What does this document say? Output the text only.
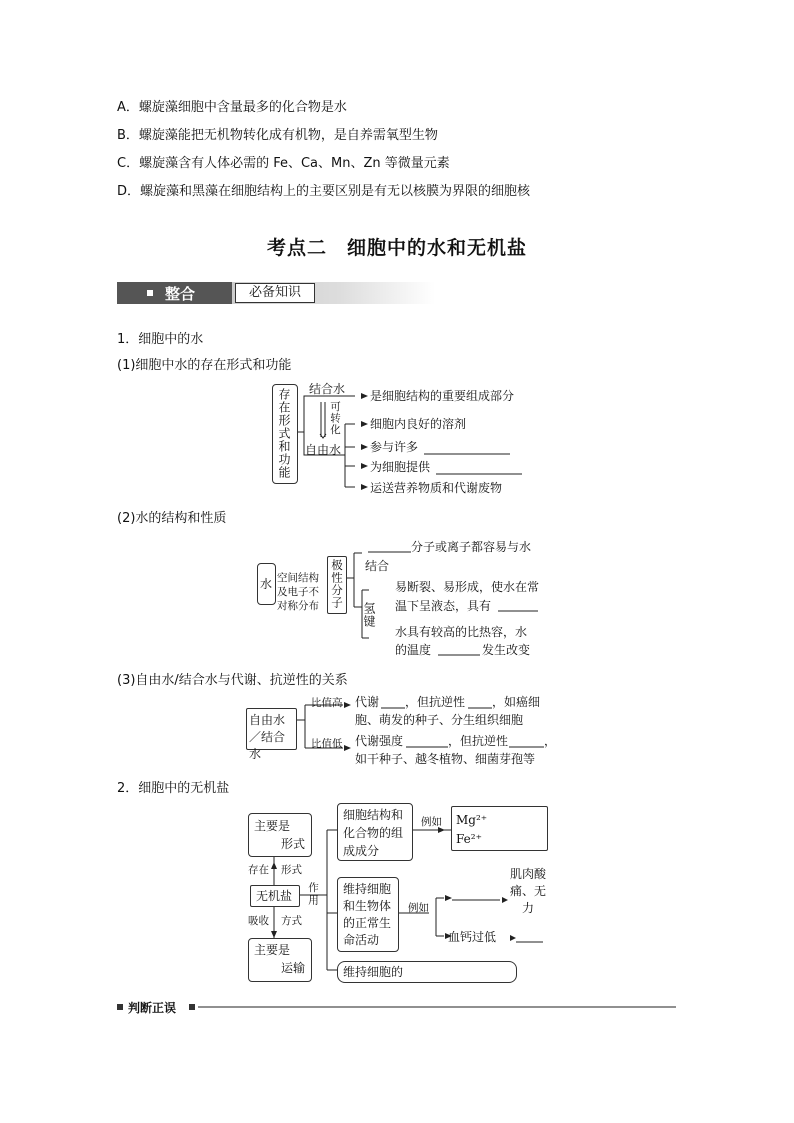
A．螺旋藻细胞中含量最多的化合物是水
B．螺旋藻能把无机物转化成有机物，是自养需氧型生物
C．螺旋藻含有人体必需的 Fe、Ca、Mn、Zn 等微量元素
D．螺旋藻和黑藻在细胞结构上的主要区别是有无以核膜为界限的细胞核
考点二　细胞中的水和无机盐
整合	必备知识
1．细胞中的水
(1)细胞中水的存在形式和功能
存在形式和功能 结合水
自由水
可转化
是细胞结构的重要组成部分
细胞内良好的溶剂
参与许多
为细胞提供
运送营养物质和代谢废物
(2)水的结构和性质
水 空间结构及电子不对称分布 极性分子
分子或离子都容易与水
结合
氢键
易断裂、易形成，使水在常
温下呈液态，具有
水具有较高的比热容，水
的温度	发生改变
(3)自由水/结合水与代谢、抗逆性的关系
自由水／结合水
比值高
比值低
代谢 ，但抗逆性 ，如癌细
胞、萌发的种子、分生组织细胞
代谢强度	，但抗逆性	，
如干种子、越冬植物、细菌芽孢等
2．细胞中的无机盐
主要是
形式
存在 形式
无机盐 作用
吸收 方式
主要是
运输
细胞结构和化合物的组成成分
例如 Mg²⁺
Fe²⁺
维持细胞和生物体的正常生命活动
例如
肌肉酸痛、无力
血钙过低
维持细胞的
判断正误
